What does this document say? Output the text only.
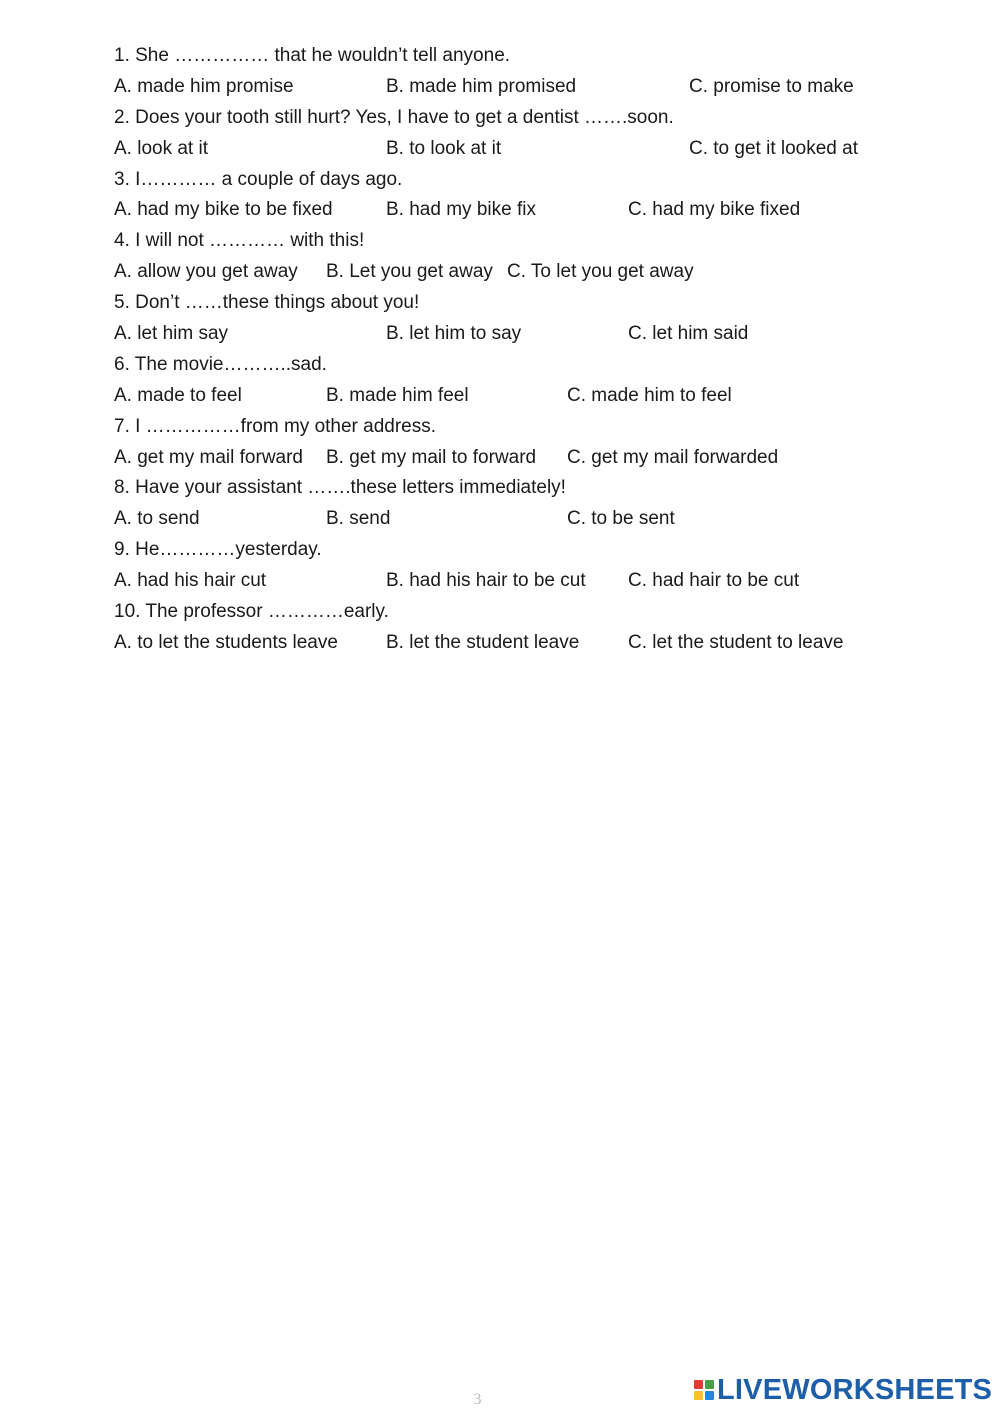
1. She …………… that he wouldn’t tell anyone.
A. made him promise	B. made him promised	C. promise to make
2. Does your tooth still hurt? Yes, I have to get a dentist …….soon.
A. look at it	B. to look at it	C. to get it looked at
3. I………… a couple of days ago.
A. had my bike to be fixed	B. had my bike fix	C. had my bike fixed
4. I will not ………… with this!
A. allow you get away B. Let you get away C. To let you get away
5. Don’t ……these things about you!
A. let him say	B. let him to say	C. let him said
6. The movie………..sad.
A. made to feel	B. made him feel	C. made him to feel
7. I ……………from my other address.
A. get my mail forward B. get my mail to forward C. get my mail forwarded
8. Have your assistant …….these letters immediately!
A. to send	B. send	C. to be sent
9. He…………yesterday.
A. had his hair cut	B. had his hair to be cut C. had hair to be cut
10. The professor …………early.
A. to let the students leave	B. let the student leave	C. let the student to leave
3	LIVEWORKSHEETS
